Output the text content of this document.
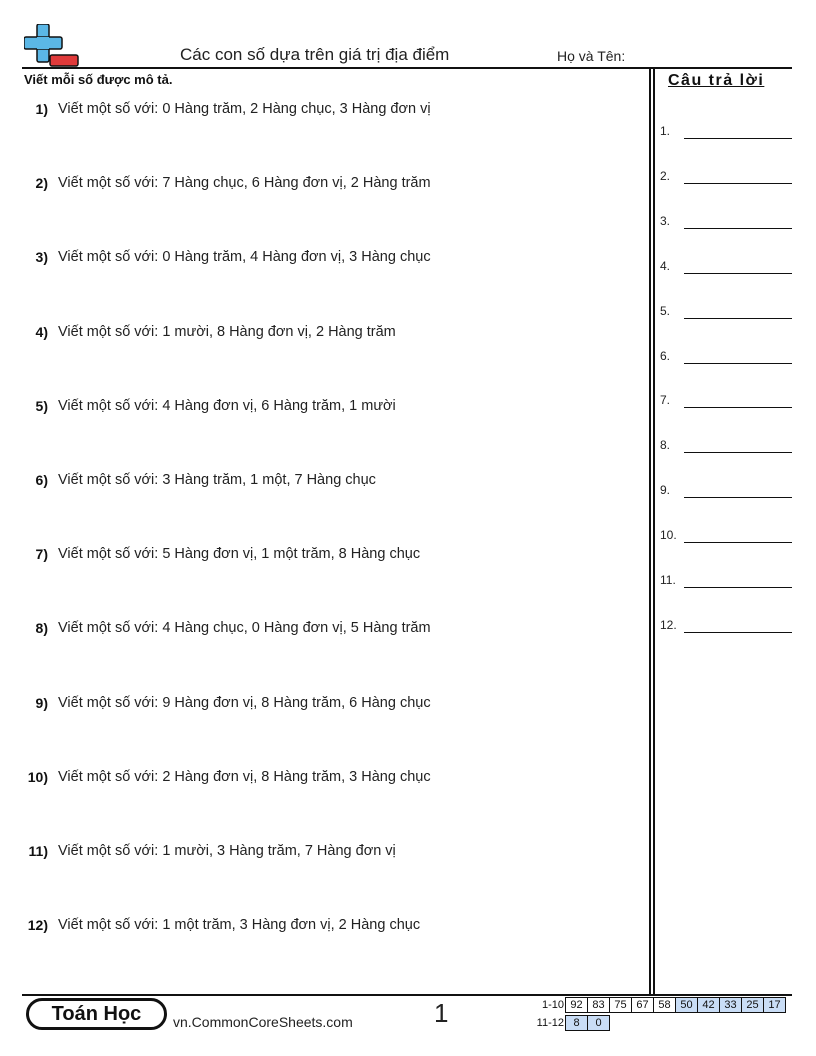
Các con số dựa trên giá trị địa điểm	Họ và Tên:
Viết mỗi số được mô tả.
1) Viết một số với: 0 Hàng trăm, 2 Hàng chục, 3 Hàng đơn vị
2) Viết một số với: 7 Hàng chục, 6 Hàng đơn vị, 2 Hàng trăm
3) Viết một số với: 0 Hàng trăm, 4 Hàng đơn vị, 3 Hàng chục
4) Viết một số với: 1 mười, 8 Hàng đơn vị, 2 Hàng trăm
5) Viết một số với: 4 Hàng đơn vị, 6 Hàng trăm, 1 mười
6) Viết một số với: 3 Hàng trăm, 1 một, 7 Hàng chục
7) Viết một số với: 5 Hàng đơn vị, 1 một trăm, 8 Hàng chục
8) Viết một số với: 4 Hàng chục, 0 Hàng đơn vị, 5 Hàng trăm
9) Viết một số với: 9 Hàng đơn vị, 8 Hàng trăm, 6 Hàng chục
10) Viết một số với: 2 Hàng đơn vị, 8 Hàng trăm, 3 Hàng chục
11) Viết một số với: 1 mười, 3 Hàng trăm, 7 Hàng đơn vị
12) Viết một số với: 1 một trăm, 3 Hàng đơn vị, 2 Hàng chục
Câu trả lời
1.
2.
3.
4.
5.
6.
7.
8.
9.
10.
11.
12.
Toán Học	vn.CommonCoreSheets.com	1	1-10 92 83 75 67 58 50 42 33 25 17
11-12 8	0
